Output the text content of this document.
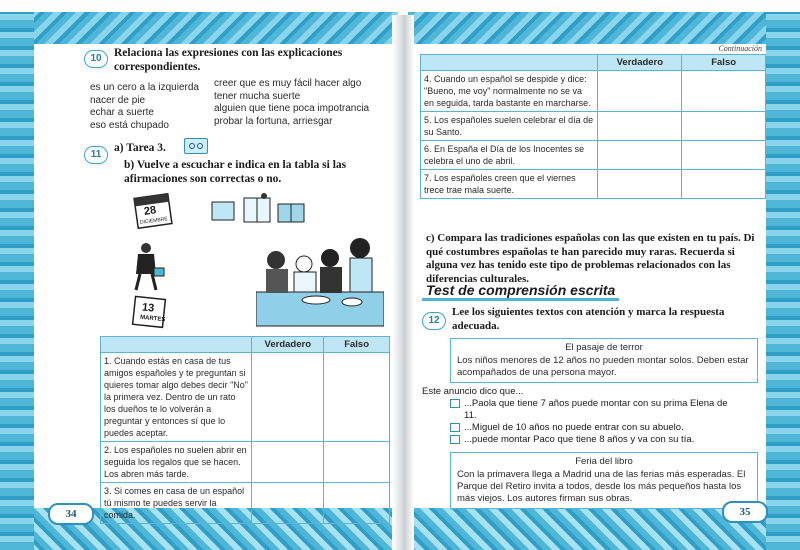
10	Relaciona las expresiones con las explicaciones correspondientes.
es un cero a la izquierda
nacer de pie
echar a suerte
eso está chupado
creer que es muy fácil hacer algo
tener mucha suerte
alguien que tiene poca impotrancia
probar la fortuna, arriesgar
11
a) Tarea 3.
b) Vuelve a escuchar e indica en la tabla si las afirmaciones son correctas o no.
28
DICIEMBRE
13
MARTES
	Verdadero	Falso
1. Cuando estás en casa de tus amigos españoles y te preguntan si quieres tomar algo debes decir "No" la primera vez. Dentro de un rato los dueños te lo volverán a preguntar y entonces sí que lo puedes aceptar.		
2. Los españoles no suelen abrir en seguida los regalos que se hacen. Los abren más tarde.		
3. Si comes en casa de un español tú mismo te puedes servir la comida.		
34
Continuación
	Verdadero	Falso
4. Cuando un español se despide y dice: "Bueno, me voy" normalmente no se va en seguida, tarda bastante en marcharse.		
5. Los españoles suelen celebrar el día de su Santo.		
6. En España el Día de los Inocentes se celebra el uno de abril.		
7. Los españoles creen que el viernes trece trae mala suerte.		
c) Compara las tradiciones españolas con las que existen en tu país. Di qué costumbres españolas te han parecido muy raras. Recuerda si alguna vez has tenido este tipo de problemas relacionados con las diferencias culturales.
Test de comprensión escrita
12
Lee los siguientes textos con atención y marca la respuesta adecuada.
El pasaje de terror
Los niños menores de 12 años no pueden montar solos. Deben estar acompañados de una persona mayor.
Este anuncio dico que...
...Paola que tiene 7 años puede montar con su prima Elena de
11.
...Miguel de 10 años no puede entrar con su abuelo.
...puede montar Paco que tiene 8 años y va con su tía.
Feria del libro
Con la primavera llega a Madrid una de las ferias más esperadas. El Parque del Retiro invita a todos, desde los más pequeños hasta los más viejos. Los autores firman sus obras.
35
